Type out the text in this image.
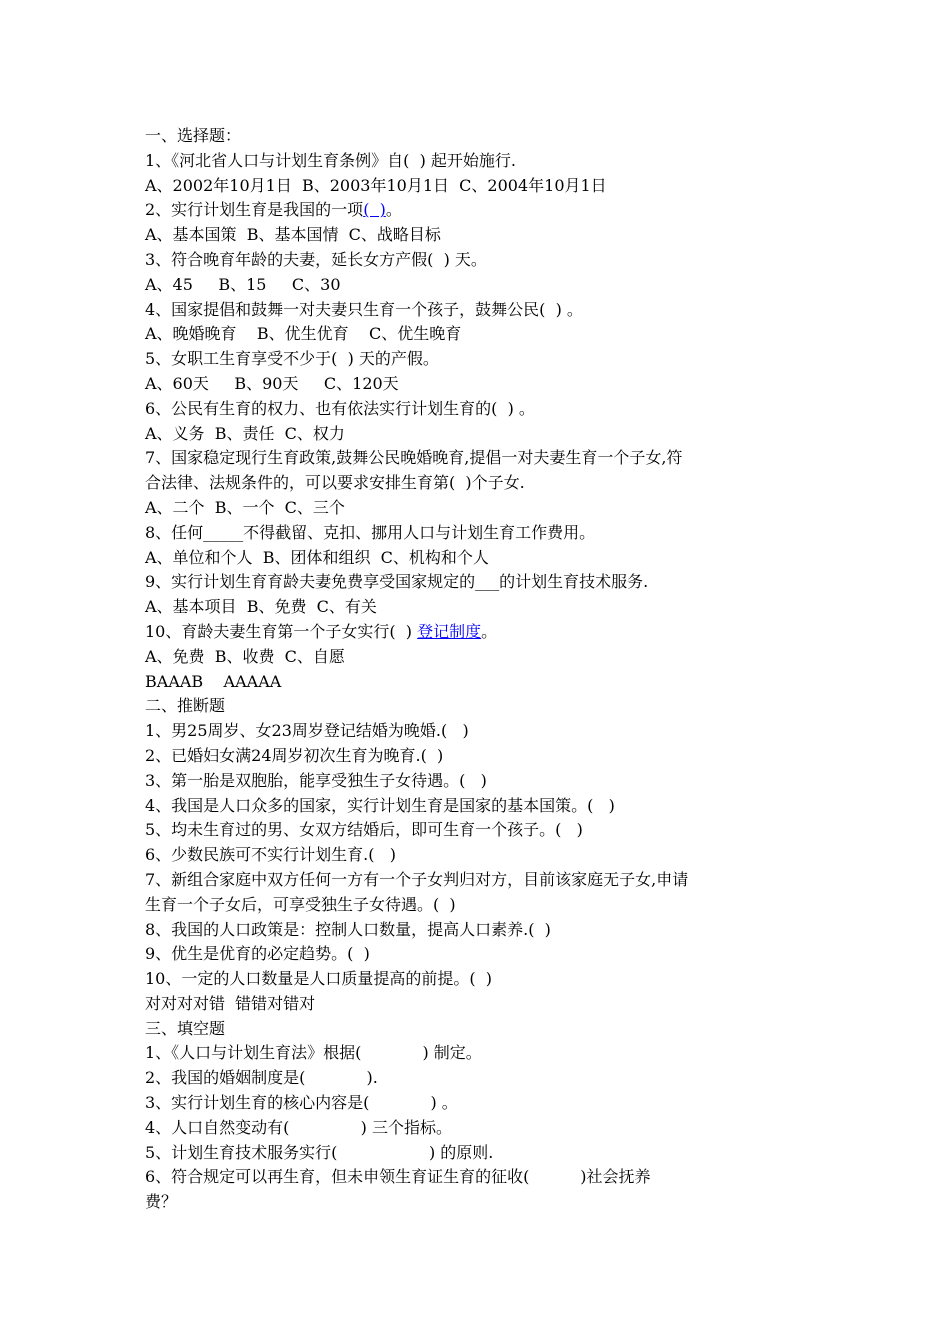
一、选择题：
1、《河北省人口与计划生育条例》自(  ) 起开始施行.
A、2002年10月1日  B、2003年10月1日  C、2004年10月1日
2、实行计划生育是我国的一项(  )。
A、基本国策  B、基本国情  C、战略目标
3、符合晚育年龄的夫妻，延长女方产假(  ) 天。
A、45     B、15     C、30
4、国家提倡和鼓舞一对夫妻只生育一个孩子，鼓舞公民(  ) 。
A、晚婚晚育    B、优生优育    C、优生晚育
5、女职工生育享受不少于(  ) 天的产假。
A、60天     B、90天     C、120天
6、公民有生育的权力、也有依法实行计划生育的(  ) 。
A、义务  B、责任  C、权力
7、国家稳定现行生育政策,鼓舞公民晚婚晚育,提倡一对夫妻生育一个子女,符
合法律、法规条件的，可以要求安排生育第(  )个子女.
A、二个  B、一个  C、三个
8、任何_____不得截留、克扣、挪用人口与计划生育工作费用。
A、单位和个人  B、团体和组织  C、机构和个人
9、实行计划生育育龄夫妻免费享受国家规定的___的计划生育技术服务.
A、基本项目  B、免费  C、有关
10、育龄夫妻生育第一个子女实行(  ) 登记制度。
A、免费  B、收费  C、自愿
BAAAB    AAAAA
二、推断题
1、男25周岁、女23周岁登记结婚为晚婚.(   )
2、已婚妇女满24周岁初次生育为晚育.(  )
3、第一胎是双胞胎，能享受独生子女待遇。(   )
4、我国是人口众多的国家，实行计划生育是国家的基本国策。(   )
5、均未生育过的男、女双方结婚后，即可生育一个孩子。(   )
6、少数民族可不实行计划生育.(   )
7、新组合家庭中双方任何一方有一个子女判归对方，目前该家庭无子女,申请
生育一个子女后，可享受独生子女待遇。(  )
8、我国的人口政策是：控制人口数量，提高人口素养.(  )
9、优生是优育的必定趋势。(  )
10、一定的人口数量是人口质量提高的前提。(  )
对对对对错  错错对错对
三、填空题
1、《人口与计划生育法》根据(            ) 制定。
2、我国的婚姻制度是(            ).
3、实行计划生育的核心内容是(            ) 。
4、人口自然变动有(              ) 三个指标。
5、计划生育技术服务实行(                  ) 的原则.
6、符合规定可以再生育，但未申领生育证生育的征收(          )社会抚养
费？
